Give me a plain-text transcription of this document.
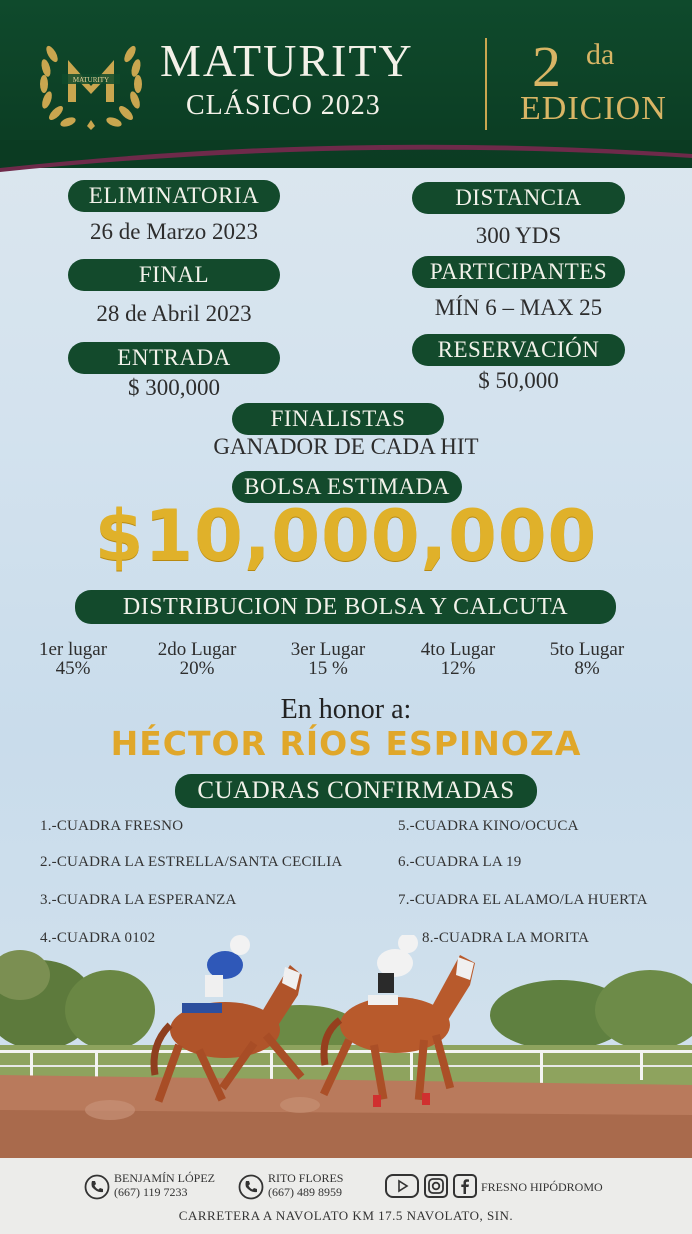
MATURITY MATURITY
CLÁSICO 2023
2 da
EDICION
ELIMINATORIA
26 de Marzo 2023
FINAL
28 de Abril 2023
ENTRADA
$ 300,000
DISTANCIA
300 YDS
PARTICIPANTES
MÍN 6 – MAX 25
RESERVACIÓN
$ 50,000
FINALISTAS
GANADOR DE CADA HIT
BOLSA ESTIMADA
$10,000,000
DISTRIBUCION DE BOLSA Y CALCUTA
1er lugar
45%
2do Lugar
20%
3er Lugar
15 %
4to Lugar
12%
5to Lugar
8%
En honor a:
HÉCTOR RÍOS ESPINOZA
CUADRAS CONFIRMADAS
1.-CUADRA FRESNO
2.-CUADRA LA ESTRELLA/SANTA CECILIA
3.-CUADRA LA ESPERANZA
4.-CUADRA 0102
5.-CUADRA KINO/OCUCA
6.-CUADRA LA 19
7.-CUADRA EL ALAMO/LA HUERTA
8.-CUADRA LA MORITA
BENJAMÍN LÓPEZ
(667) 119 7233
RITO FLORES
(667) 489 8959	FRESNO HIPÓDROMO
CARRETERA A NAVOLATO KM 17.5 NAVOLATO, SIN.
